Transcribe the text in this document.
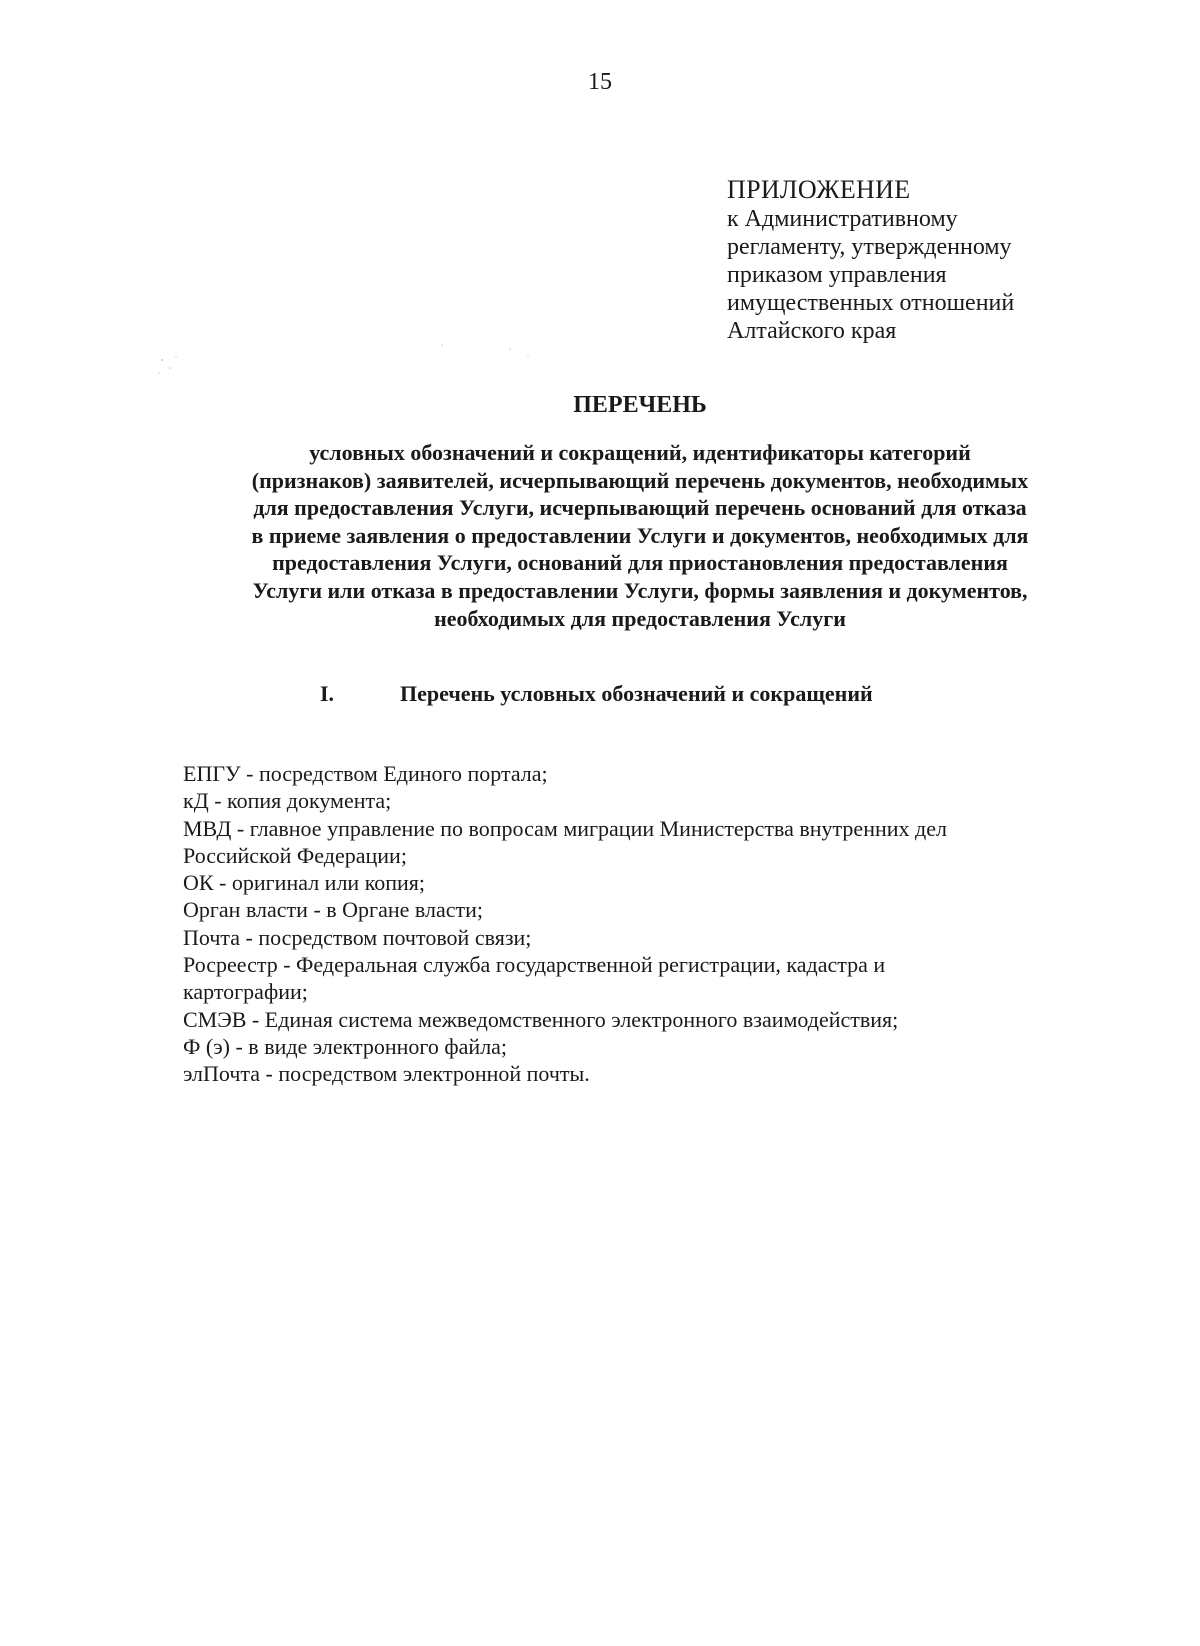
15
ПРИЛОЖЕНИЕ
к Административному
регламенту, утвержденному
приказом управления
имущественных отношений
Алтайского края
ПЕРЕЧЕНЬ
условных обозначений и сокращений, идентификаторы категорий
(признаков) заявителей, исчерпывающий перечень документов, необходимых
для предоставления Услуги, исчерпывающий перечень оснований для отказа
в приеме заявления о предоставлении Услуги и документов, необходимых для
предоставления Услуги, оснований для приостановления предоставления
Услуги или отказа в предоставлении Услуги, формы заявления и документов,
необходимых для предоставления Услуги
I.	Перечень условных обозначений и сокращений
ЕПГУ - посредством Единого портала;
кД - копия документа;
МВД - главное управление по вопросам миграции Министерства внутренних дел
Российской Федерации;
ОК - оригинал или копия;
Орган власти - в Органе власти;
Почта - посредством почтовой связи;
Росреестр - Федеральная служба государственной регистрации, кадастра и
картографии;
СМЭВ - Единая система межведомственного электронного взаимодействия;
Ф (э) - в виде электронного файла;
элПочта - посредством электронной почты.
